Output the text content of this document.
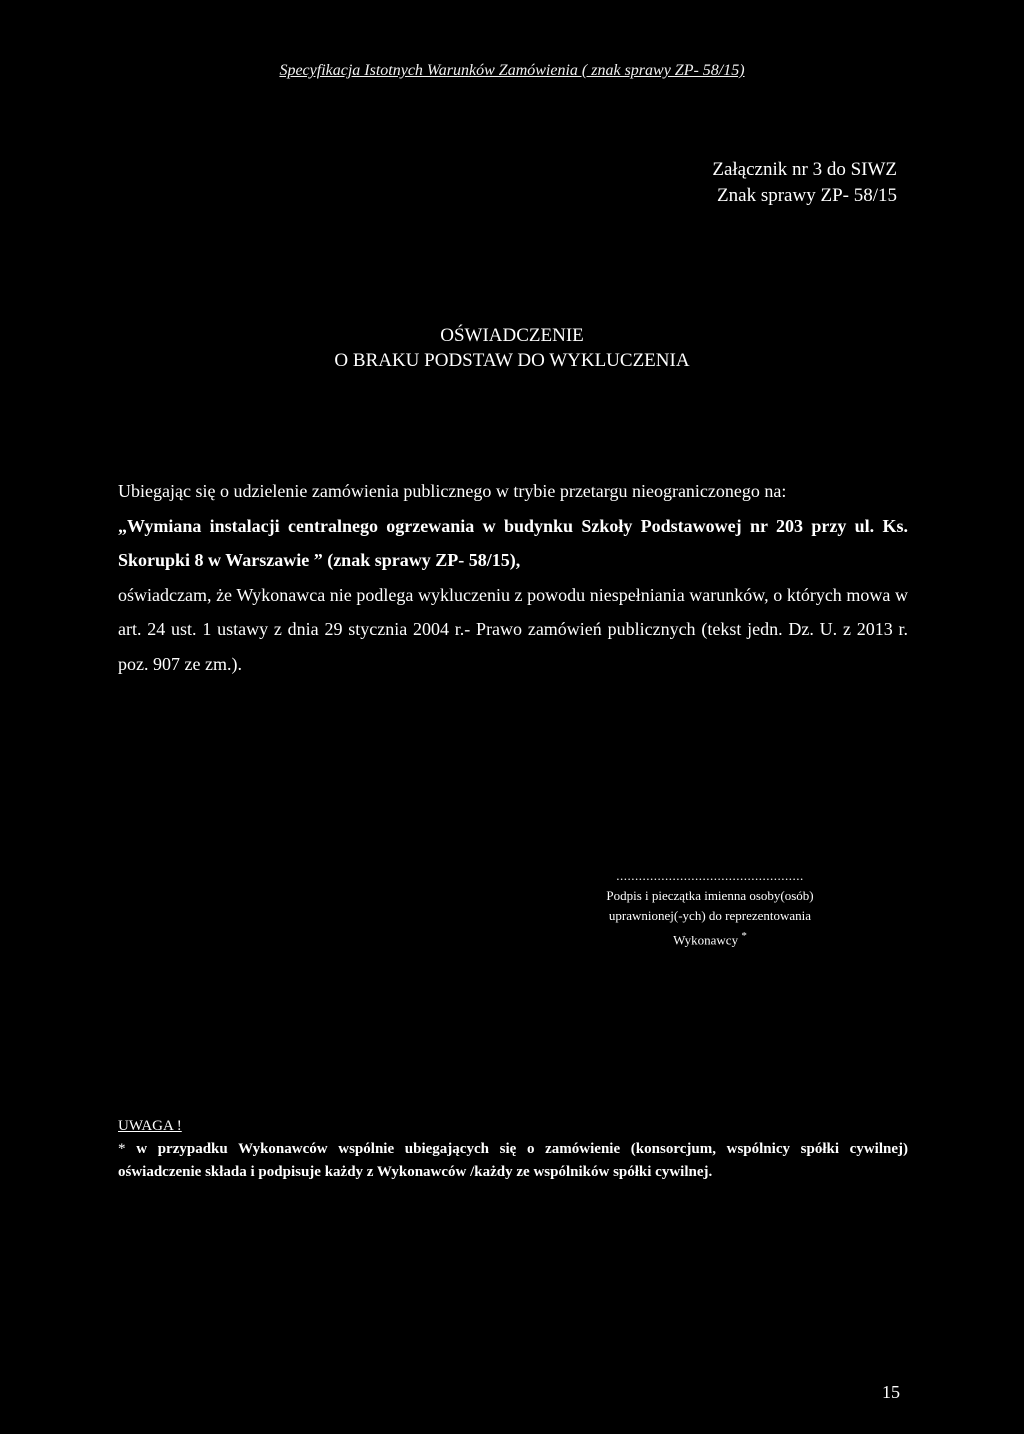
Specyfikacja Istotnych Warunków Zamówienia ( znak sprawy ZP- 58/15)
Załącznik nr 3 do SIWZ
Znak sprawy ZP- 58/15
OŚWIADCZENIE
O BRAKU PODSTAW DO WYKLUCZENIA

Ubiegając się o udzielenie zamówienia publicznego w trybie przetargu nieograniczonego na:

„Wymiana instalacji centralnego ogrzewania w budynku Szkoły Podstawowej nr 203 przy ul. Ks. Skorupki 8 w Warszawie ” (znak sprawy ZP- 58/15),

oświadczam, że Wykonawca nie podlega wykluczeniu z powodu niespełniania warunków, o których mowa w art. 24 ust. 1 ustawy z dnia 29 stycznia 2004 r.- Prawo zamówień publicznych (tekst jedn. Dz. U. z 2013 r. poz. 907 ze zm.).

..................................................
Podpis i pieczątka imienna osoby(osób)
uprawnionej(-ych) do reprezentowania
Wykonawcy *
UWAGA !
* w przypadku Wykonawców wspólnie ubiegających się o zamówienie (konsorcjum, wspólnicy spółki cywilnej) oświadczenie składa i podpisuje każdy z Wykonawców /każdy ze wspólników spółki cywilnej.
15
